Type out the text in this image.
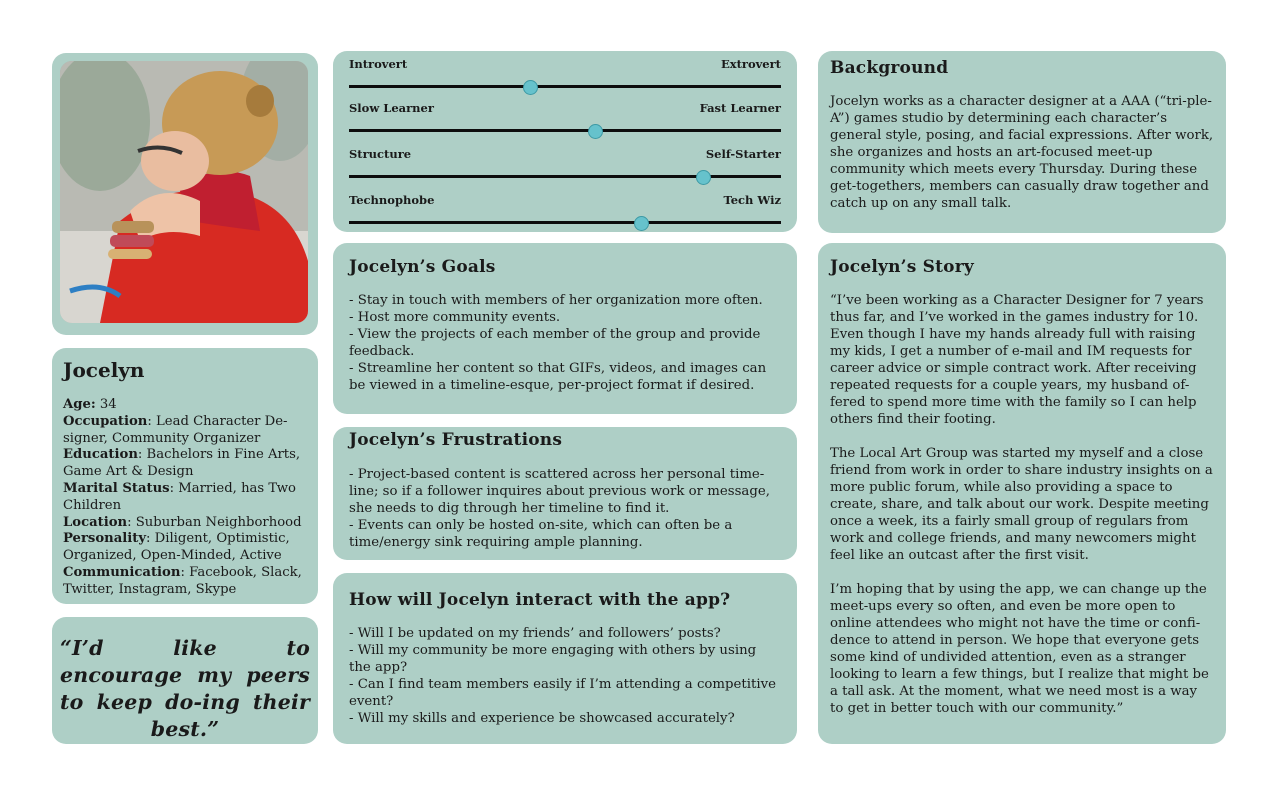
Jocelyn

Age: 34

Occupation: Lead Character De-signer, Community Organizer

Education: Bachelors in Fine Arts, Game Art & Design

Marital Status: Married, has Two Children

Location: Suburban Neighborhood

Personality: Diligent, Optimistic, Organized, Open-Minded, Active

Communication: Facebook, Slack, Twitter, Instagram, Skype

“I’d like to encourage my peers to keep do-ing their best.”

Introvert	Extrovert
Slow Learner	Fast Learner
Structure	Self-Starter
Technophobe	Tech Wiz
Jocelyn’s Goals

- Stay in touch with members of her organization more often.

- Host more community events.

- View the projects of each member of the group and provide feedback.

- Streamline her content so that GIFs, videos, and images can be viewed in a timeline-esque, per-project format if desired.

Jocelyn’s Frustrations

- Project-based content is scattered across her personal time-line; so if a follower inquires about previous work or message, she needs to dig through her timeline to find it.

- Events can only be hosted on-site, which can often be a time/energy sink requiring ample planning.

How will Jocelyn interact with the app?

- Will I be updated on my friends’ and followers’ posts?

- Will my community be more engaging with others by using the app?

- Can I find team members easily if I’m attending a competitive event?

- Will my skills and experience be showcased accurately?

Background

Jocelyn works as a character designer at a AAA (“tri-ple-A”) games studio by determining each character’s general style, posing, and facial expressions. After work, she organizes and hosts an art-focused meet-up community which meets every Thursday. During these get-togethers, members can casually draw together and catch up on any small talk.

Jocelyn’s Story

“I’ve been working as a Character Designer for 7 years thus far, and I’ve worked in the games industry for 10. Even though I have my hands already full with raising my kids, I get a number of e-mail and IM requests for career advice or simple contract work. After receiving repeated requests for a couple years, my husband of-fered to spend more time with the family so I can help others find their footing.

The Local Art Group was started my myself and a close friend from work in order to share industry insights on a more public forum, while also providing a space to create, share, and talk about our work. Despite meeting once a week, its a fairly small group of regulars from work and college friends, and many newcomers might feel like an outcast after the first visit.

I’m hoping that by using the app, we can change up the meet-ups every so often, and even be more open to online attendees who might not have the time or confi-dence to attend in person. We hope that everyone gets some kind of undivided attention, even as a stranger looking to learn a few things, but I realize that might be a tall ask. At the moment, what we need most is a way to get in better touch with our community.”
